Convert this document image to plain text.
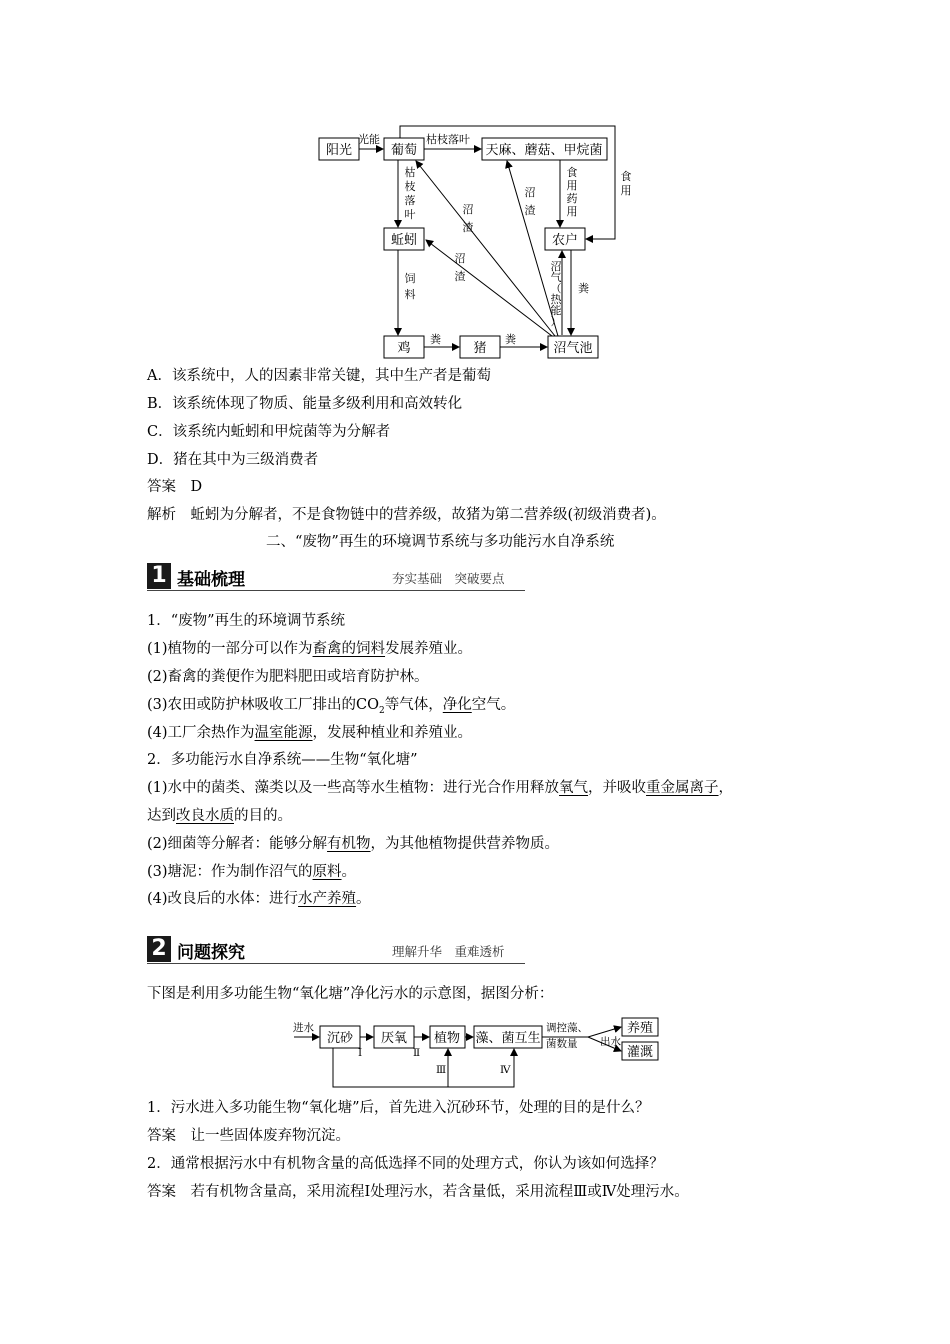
阳光	葡萄	天麻、蘑菇、甲烷菌
蚯蚓	农户
鸡	猪	沼气池
光能	枯枝落叶
粪	粪
粪
枯枝落叶
饲料
食用药用
食用
沼气（热能）
沼渣
沼渣
沼渣
A．该系统中，人的因素非常关键，其中生产者是葡萄
B．该系统体现了物质、能量多级利用和高效转化
C．该系统内蚯蚓和甲烷菌等为分解者
D．猪在其中为三级消费者
答案　D
解析　蚯蚓为分解者，不是食物链中的营养级，故猪为第二营养级(初级消费者)。
二、“废物”再生的环境调节系统与多功能污水自净系统
1 基础梳理	夯实基础　突破要点
1．“废物”再生的环境调节系统
(1)植物的一部分可以作为畜禽的饲料发展养殖业。
(2)畜禽的粪便作为肥料肥田或培育防护林。
(3)农田或防护林吸收工厂排出的$CO_2$等气体，净化空气。
(4)工厂余热作为温室能源，发展种植业和养殖业。
2．多功能污水自净系统——生物“氧化塘”
(1)水中的菌类、藻类以及一些高等水生植物：进行光合作用释放氧气，并吸收重金属离子，
达到改良水质的目的。
(2)细菌等分解者：能够分解有机物，为其他植物提供营养物质。
(3)塘泥：作为制作沼气的原料。
(4)改良后的水体：进行水产养殖。
2 问题探究	理解升华　重难透析
下图是利用多功能生物“氧化塘”净化污水的示意图，据图分析：
沉砂 厌氧 植物 藻、菌互生
养殖
灌溉
进水
出水
调控藻、
菌数量
Ⅰ	Ⅱ
Ⅲ	Ⅳ
1．污水进入多功能生物“氧化塘”后，首先进入沉砂环节，处理的目的是什么？
答案　让一些固体废弃物沉淀。
2．通常根据污水中有机物含量的高低选择不同的处理方式，你认为该如何选择？
答案　若有机物含量高，采用流程Ⅰ处理污水，若含量低，采用流程Ⅲ或Ⅳ处理污水。
